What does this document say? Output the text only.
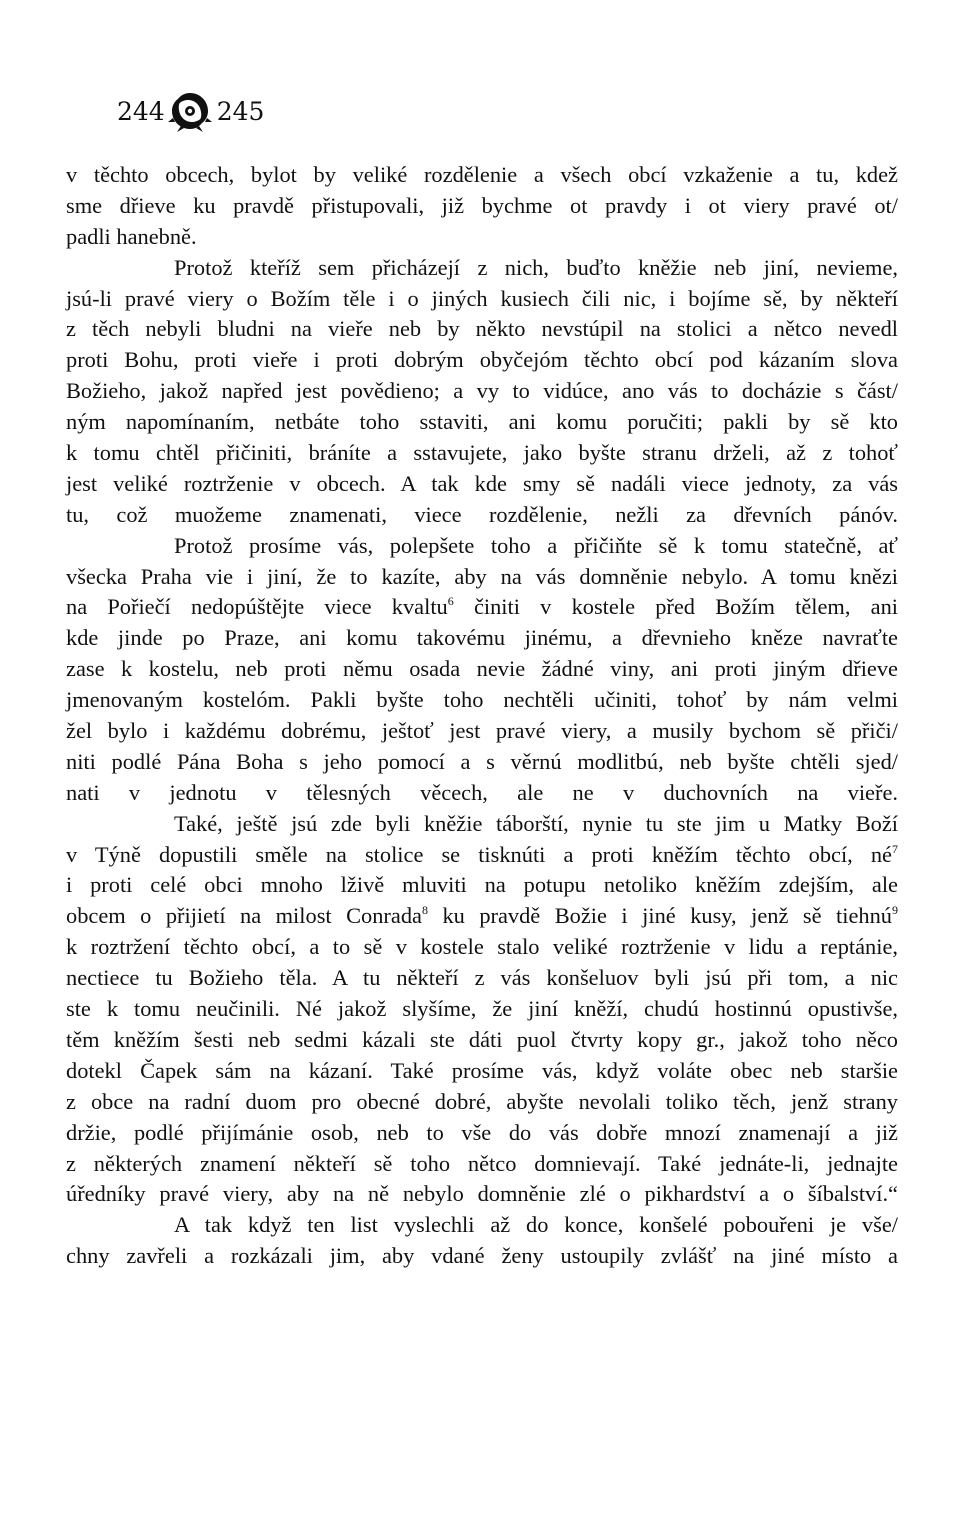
244 245
v těchto obcech, bylot by veliké rozdělenie a všech obcí vzkaženie a tu, kdež
sme dřieve ku pravdě přistupovali, již bychme ot pravdy i ot viery pravé ot/
padli hanebně.
Protož kteříž sem přicházejí z nich, buďto kněžie neb jiní, nevieme,
jsú-li pravé viery o Božím těle i o jiných kusiech čili nic, i bojíme sě, by někteří
z těch nebyli bludni na vieře neb by někto nevstúpil na stolici a nětco nevedl
proti Bohu, proti vieře i proti dobrým obyčejóm těchto obcí pod kázaním slova
Božieho, jakož napřed jest povědieno; a vy to vidúce, ano vás to docházie s část/
ným napomínaním, netbáte toho sstaviti, ani komu poručiti; pakli by sě kto
k tomu chtěl přičiniti, bráníte a sstavujete, jako byšte stranu drželi, až z tohoť
jest veliké roztrženie v obcech. A tak kde smy sě nadáli viece jednoty, za vás
tu, což muožeme znamenati, viece rozdělenie, nežli za dřevních pánóv.
Protož prosíme vás, polepšete toho a přičiňte sě k tomu statečně, ať
všecka Praha vie i jiní, že to kazíte, aby na vás domněnie nebylo. A tomu knězi
na Pořiečí nedopúštějte viece kvaltu$^6$ činiti v kostele před Božím tělem, ani
kde jinde po Praze, ani komu takovému jinému, a dřevnieho kněze navraťte
zase k kostelu, neb proti němu osada nevie žádné viny, ani proti jiným dřieve
jmenovaným kostelóm. Pakli byšte toho nechtěli učiniti, tohoť by nám velmi
žel bylo i každému dobrému, ještoť jest pravé viery, a musily bychom sě přiči/
niti podlé Pána Boha s jeho pomocí a s věrnú modlitbú, neb byšte chtěli sjed/
nati v jednotu v tělesných věcech, ale ne v duchovních na vieře.
Také, ještě jsú zde byli kněžie táborští, nynie tu ste jim u Matky Boží
v Týně dopustili směle na stolice se tisknúti a proti kněžím těchto obcí, $né^7$
i proti celé obci mnoho lživě mluviti na potupu netoliko kněžím zdejším, ale
obcem o přijietí na milost Conrada$^8$ ku pravdě Božie i jiné kusy, jenž sě tiehnú$^9$
k roztržení těchto obcí, a to sě v kostele stalo veliké roztrženie v lidu a reptánie,
nectiece tu Božieho těla. A tu někteří z vás konšeluov byli jsú při tom, a nic
ste k tomu neučinili. Né jakož slyšíme, že jiní kněží, chudú hostinnú opustivše,
těm kněžím šesti neb sedmi kázali ste dáti puol čtvrty kopy gr., jakož toho něco
dotekl Čapek sám na kázaní. Také prosíme vás, když voláte obec neb staršie
z obce na radní duom pro obecné dobré, abyšte nevolali toliko těch, jenž strany
držie, podlé přijímánie osob, neb to vše do vás dobře mnozí znamenají a již
z některých znamení někteří sě toho nětco domnievají. Také jednáte-li, jednajte
úředníky pravé viery, aby na ně nebylo domněnie zlé o pikhardství a o šíbalství.“
A tak když ten list vyslechli až do konce, konšelé pobouřeni je vše/
chny zavřeli a rozkázali jim, aby vdané ženy ustoupily zvlášť na jiné místo a
